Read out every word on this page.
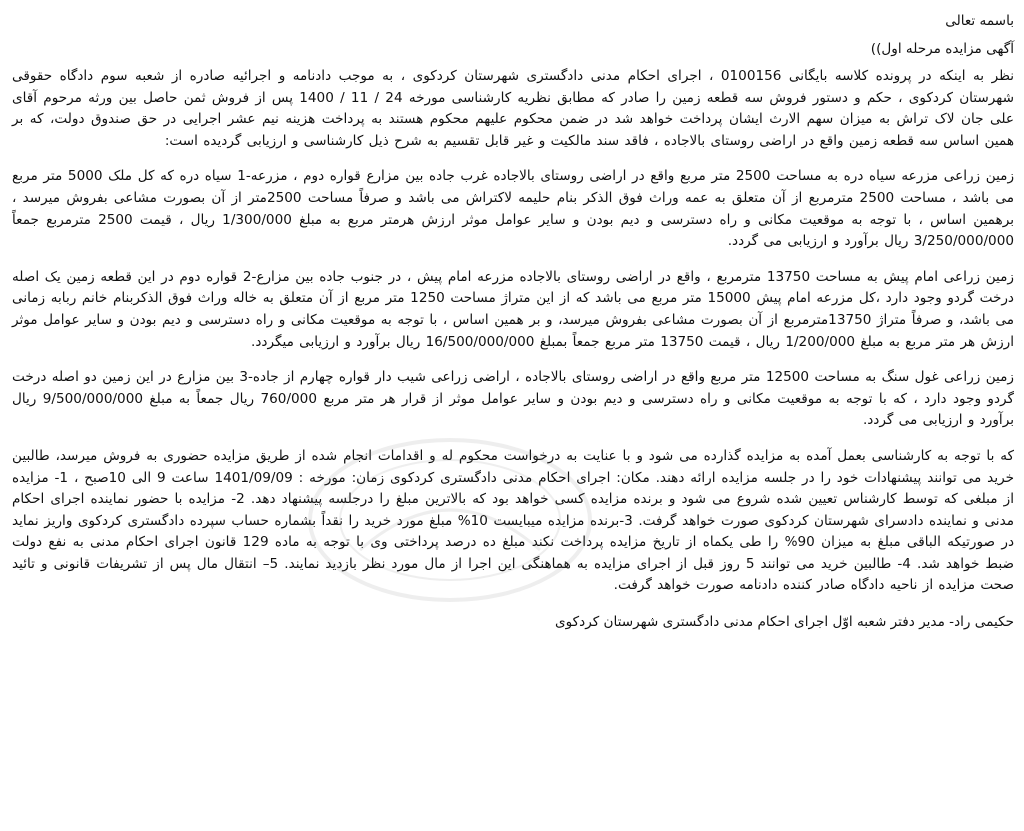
باسمه تعالی

آگهی مزایده مرحله اول))

نظر به اینکه در پرونده کلاسه بایگانی 0100156 ، اجرای احکام مدنی دادگستری شهرستان کردکوی ، به موجب دادنامه و اجرائیه صادره از شعبه سوم دادگاه حقوقی شهرستان کردکوی ، حکم و دستور فروش سه قطعه زمین را صادر که مطابق نظریه کارشناسی مورخه 24 / 11 / 1400 پس از فروش ثمن حاصل بین ورثه مرحوم آقای علی جان لاک تراش به میزان سهم الارث ایشان پرداخت خواهد شد در ضمن محکوم علیهم محکوم هستند به پرداخت هزینه نیم عشر اجرایی در حق صندوق دولت، که بر همین اساس سه قطعه زمین واقع در اراضی روستای بالاجاده ، فاقد سند مالکیت و غیر قابل تقسیم به شرح ذیل کارشناسی و ارزیابی گردیده است:

زمین زراعی مزرعه سیاه دره به مساحت 2500 متر مربع واقع در اراضی روستای بالاجاده غرب جاده بین مزارع قواره دوم ، مزرعه-1 سیاه دره که کل ملک 5000 متر مربع می باشد ، مساحت 2500 مترمربع از آن متعلق به عمه وراث فوق الذکر بنام حلیمه لاکتراش می باشد و صرفاً مساحت 2500متر از آن بصورت مشاعی بفروش میرسد ، برهمین اساس ، با توجه به موقعیت مکانی و راه دسترسی و دیم بودن و سایر عوامل موثر ارزش هرمتر مربع به مبلغ 1/300/000 ریال ، قیمت 2500 مترمربع جمعاً 3/250/000/000 ریال برآورد و ارزیابی می گردد.

زمین زراعی امام پیش به مساحت 13750 مترمربع ، واقع در اراضی روستای بالاجاده مزرعه امام پیش ، در جنوب جاده بین مزارع-2 قواره دوم در این قطعه زمین یک اصله درخت گردو وجود دارد ،کل مزرعه امام پیش 15000 متر مربع می باشد که از این متراژ مساحت 1250 متر مربع از آن متعلق به خاله وراث فوق الذکربنام خانم ربابه زمانی می باشد، و صرفاً متراژ 13750مترمربع از آن بصورت مشاعی بفروش میرسد، و بر همین اساس ، با توجه به موقعیت مکانی و راه دسترسی و دیم بودن و سایر عوامل موثر ارزش هر متر مربع به مبلغ 1/200/000 ریال ، قیمت 13750 متر مربع جمعاً بمبلغ 16/500/000/000 ریال برآورد و ارزیابی میگردد.

زمین زراعی غول سنگ به مساحت 12500 متر مربع واقع در اراضی روستای بالاجاده ، اراضی زراعی شیب دار قواره چهارم از جاده-3 بین مزارع در این زمین دو اصله درخت گردو وجود دارد ، که با توجه به موقعیت مکانی و راه دسترسی و دیم بودن و سایر عوامل موثر از قرار هر متر مربع 760/000 ریال جمعاً به مبلغ 9/500/000/000 ریال برآورد و ارزیابی می گردد.

که با توجه به کارشناسی بعمل آمده به مزایده گذارده می شود و با عنایت به درخواست محکوم له و اقدامات انجام شده از طریق مزایده حضوری به فروش میرسد، طالبین خرید می توانند پیشنهادات خود را در جلسه مزایده ارائه دهند. مکان: اجرای احکام مدنی دادگستری کردکوی زمان: مورخه : 1401/09/09 ساعت 9 الی 10صبح ، 1- مزایده از مبلغی که توسط کارشناس تعیین شده شروع می شود و برنده مزایده کسی خواهد بود که بالاترین مبلغ را درجلسه پیشنهاد دهد. 2- مزایده با حضور نماینده اجرای احکام مدنی و نماینده دادسرای شهرستان کردکوی صورت خواهد گرفت. 3-برنده مزایده میبایست 10% مبلغ مورد خرید را نقداً بشماره حساب سپرده دادگستری کردکوی واریز نماید در صورتیکه الباقی مبلغ به میزان 90% را طی یکماه از تاریخ مزایده پرداخت نکند مبلغ ده درصد پرداختی وی با توجه به ماده 129 قانون اجرای احکام مدنی به نفع دولت ضبط خواهد شد. 4- طالبین خرید می توانند 5 روز قبل از اجرای مزایده به هماهنگی این اجرا از مال مورد نظر بازدید نمایند. 5– انتقال مال پس از تشریفات قانونی و تائید صحت مزایده از ناحیه دادگاه صادر کننده دادنامه صورت خواهد گرفت.

حکیمی راد- مدیر دفتر شعبه اوّل اجرای احکام مدنی دادگستری شهرستان کردکوی
